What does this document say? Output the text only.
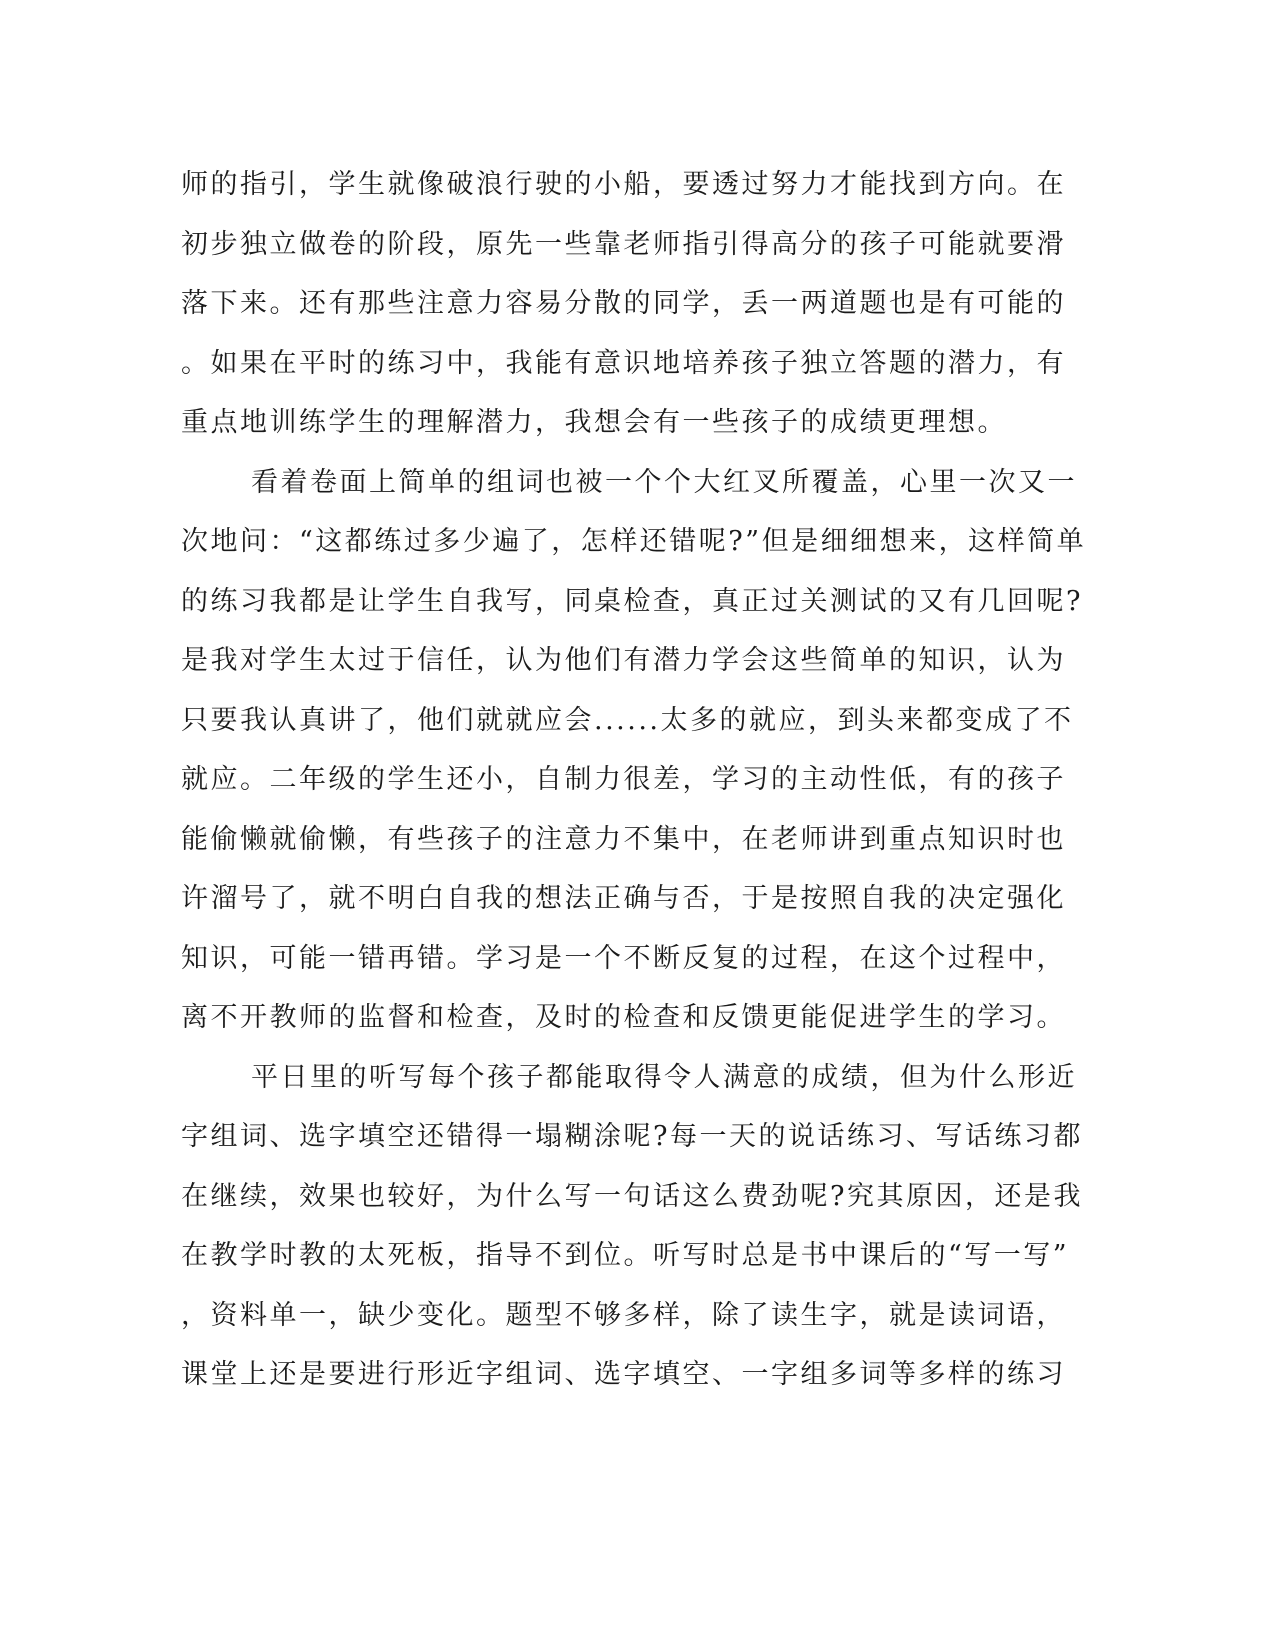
师的指引，学生就像破浪行驶的小船，要透过努力才能找到方向。在
初步独立做卷的阶段，原先一些靠老师指引得高分的孩子可能就要滑
落下来。还有那些注意力容易分散的同学，丢一两道题也是有可能的
。如果在平时的练习中，我能有意识地培养孩子独立答题的潜力，有
重点地训练学生的理解潜力，我想会有一些孩子的成绩更理想。
看着卷面上简单的组词也被一个个大红叉所覆盖，心里一次又一
次地问：“这都练过多少遍了，怎样还错呢?”但是细细想来，这样简单
的练习我都是让学生自我写，同桌检查，真正过关测试的又有几回呢?
是我对学生太过于信任，认为他们有潜力学会这些简单的知识，认为
只要我认真讲了，他们就就应会......太多的就应，到头来都变成了不
就应。二年级的学生还小，自制力很差，学习的主动性低，有的孩子
能偷懒就偷懒，有些孩子的注意力不集中，在老师讲到重点知识时也
许溜号了，就不明白自我的想法正确与否，于是按照自我的决定强化
知识，可能一错再错。学习是一个不断反复的过程，在这个过程中，
离不开教师的监督和检查，及时的检查和反馈更能促进学生的学习。
平日里的听写每个孩子都能取得令人满意的成绩，但为什么形近
字组词、选字填空还错得一塌糊涂呢?每一天的说话练习、写话练习都
在继续，效果也较好，为什么写一句话这么费劲呢?究其原因，还是我
在教学时教的太死板，指导不到位。听写时总是书中课后的“写一写”
，资料单一，缺少变化。题型不够多样，除了读生字，就是读词语，
课堂上还是要进行形近字组词、选字填空、一字组多词等多样的练习
